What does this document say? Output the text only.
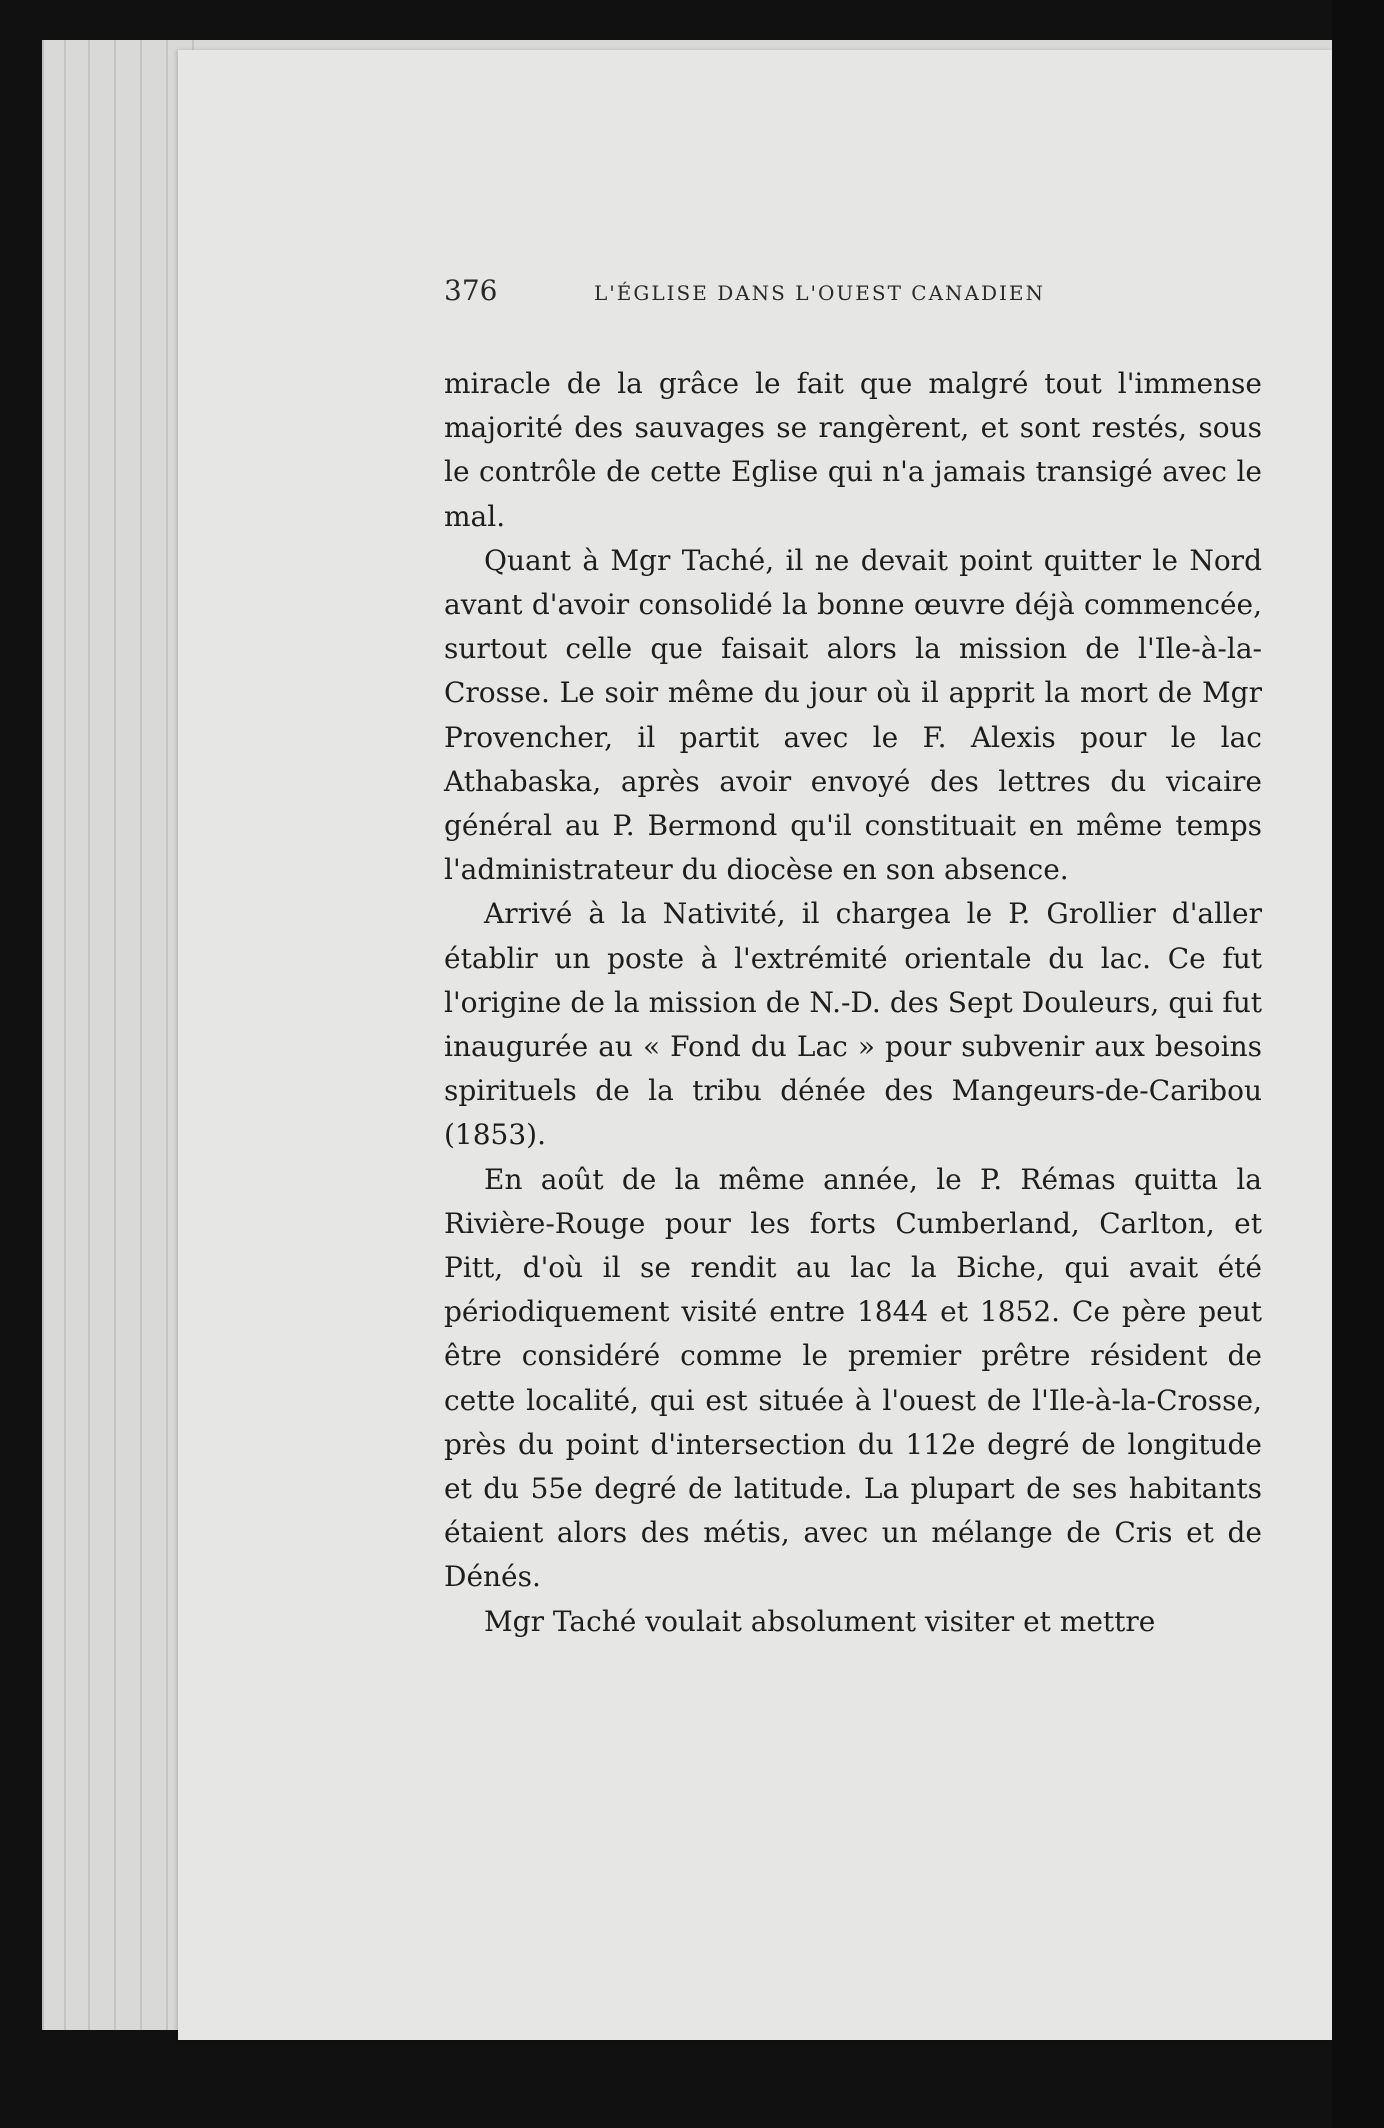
376	L'ÉGLISE DANS L'OUEST CANADIEN

miracle de la grâce le fait que malgré tout l'immense majorité des sauvages se rangèrent, et sont restés, sous le contrôle de cette Eglise qui n'a jamais transigé avec le mal.

Quant à Mgr Taché, il ne devait point quitter le Nord avant d'avoir consolidé la bonne œuvre déjà commencée, surtout celle que faisait alors la mission de l'Ile-à-la-Crosse. Le soir même du jour où il apprit la mort de Mgr Provencher, il partit avec le F. Alexis pour le lac Athabaska, après avoir envoyé des lettres du vicaire général au P. Bermond qu'il constituait en même temps l'administrateur du diocèse en son absence.

Arrivé à la Nativité, il chargea le P. Grollier d'aller établir un poste à l'extrémité orientale du lac. Ce fut l'origine de la mission de N.-D. des Sept Douleurs, qui fut inaugurée au « Fond du Lac » pour subvenir aux besoins spirituels de la tribu dénée des Mangeurs-de-Caribou (1853).

En août de la même année, le P. Rémas quitta la Rivière-Rouge pour les forts Cumberland, Carlton, et Pitt, d'où il se rendit au lac la Biche, qui avait été périodiquement visité entre 1844 et 1852. Ce père peut être considéré comme le premier prêtre résident de cette localité, qui est située à l'ouest de l'Ile-à-la-Crosse, près du point d'intersection du 112e degré de longitude et du 55e degré de latitude. La plupart de ses habitants étaient alors des métis, avec un mélange de Cris et de Dénés.

Mgr Taché voulait absolument visiter et mettre
